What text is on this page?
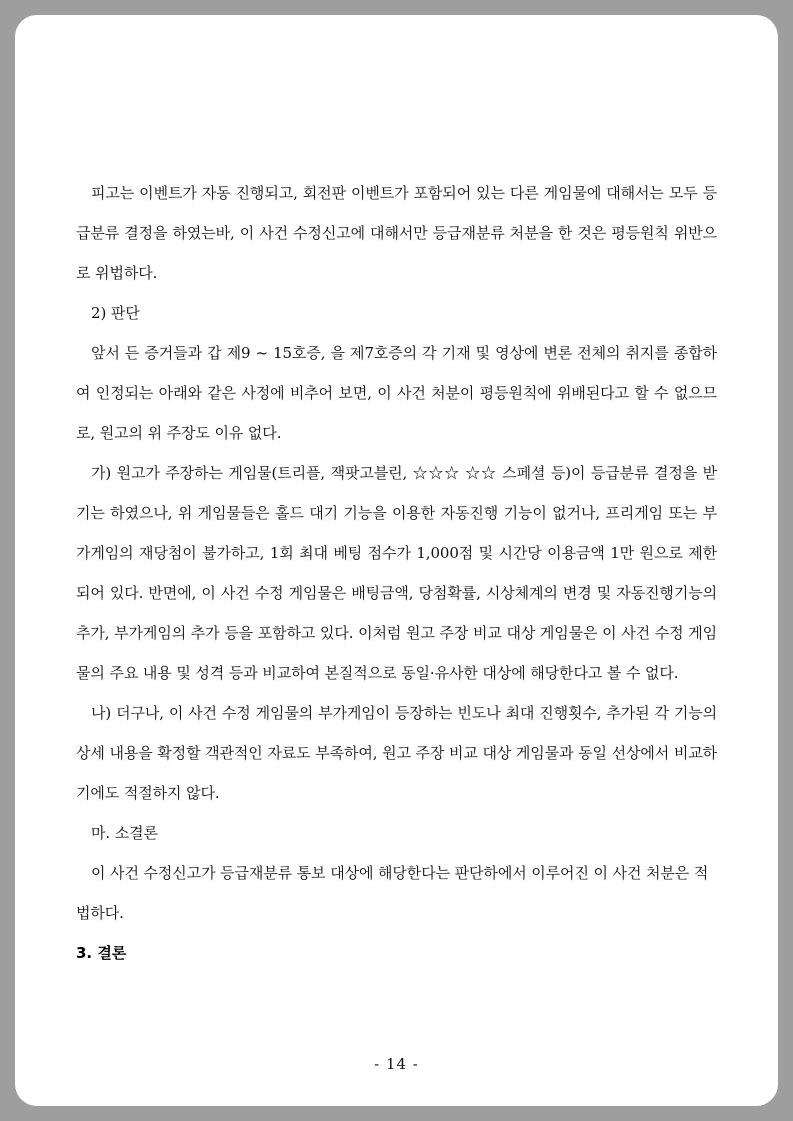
피고는 이벤트가 자동 진행되고, 회전판 이벤트가 포함되어 있는 다른 게임물에 대해서는 모두 등급분류 결정을 하였는바, 이 사건 수정신고에 대해서만 등급재분류 처분을 한 것은 평등원칙 위반으로 위법하다.

2) 판단

앞서 든 증거들과 갑 제9 ~ 15호증, 을 제7호증의 각 기재 및 영상에 변론 전체의 취지를 종합하여 인정되는 아래와 같은 사정에 비추어 보면, 이 사건 처분이 평등원칙에 위배된다고 할 수 없으므로, 원고의 위 주장도 이유 없다.

가) 원고가 주장하는 게임물(트리플, 잭팟고블린, ☆☆☆ ☆☆ 스페셜 등)이 등급분류 결정을 받기는 하였으나, 위 게임물들은 홀드 대기 기능을 이용한 자동진행 기능이 없거나, 프리게임 또는 부가게임의 재당첨이 불가하고, 1회 최대 베팅 점수가 1,000점 및 시간당 이용금액 1만 원으로 제한되어 있다. 반면에, 이 사건 수정 게임물은 배팅금액, 당첨확률, 시상체계의 변경 및 자동진행기능의 추가, 부가게임의 추가 등을 포함하고 있다. 이처럼 원고 주장 비교 대상 게임물은 이 사건 수정 게임물의 주요 내용 및 성격 등과 비교하여 본질적으로 동일·유사한 대상에 해당한다고 볼 수 없다.

나) 더구나, 이 사건 수정 게임물의 부가게임이 등장하는 빈도나 최대 진행횟수, 추가된 각 기능의 상세 내용을 확정할 객관적인 자료도 부족하여, 원고 주장 비교 대상 게임물과 동일 선상에서 비교하기에도 적절하지 않다.

마. 소결론

이 사건 수정신고가 등급재분류 통보 대상에 해당한다는 판단하에서 이루어진 이 사건 처분은 적법하다.

3. 결론

- 14 -
